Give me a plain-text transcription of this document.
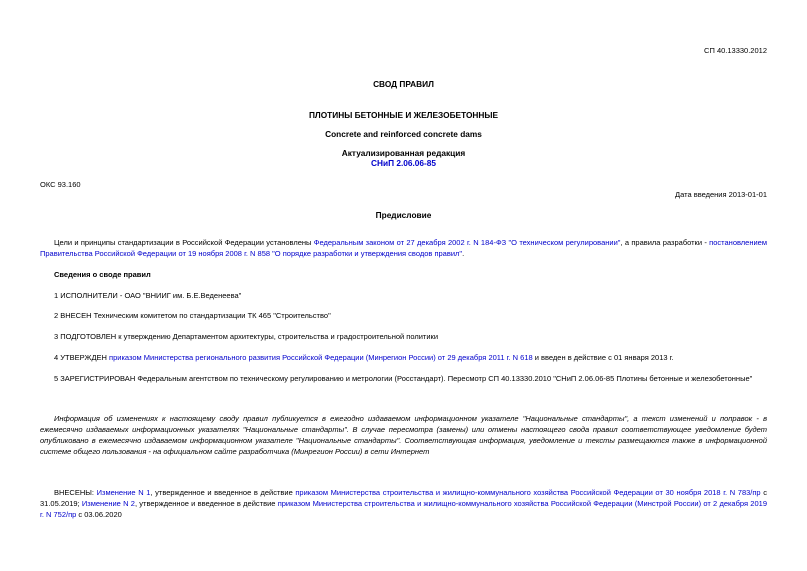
СП 40.13330.2012
СВОД ПРАВИЛ
ПЛОТИНЫ БЕТОННЫЕ И ЖЕЛЕЗОБЕТОННЫЕ
Concrete and reinforced concrete dams
Актуализированная редакция
СНиП 2.06.06-85
ОКС 93.160
Дата введения 2013-01-01
Предисловие
Цели и принципы стандартизации в Российской Федерации установлены Федеральным законом от 27 декабря 2002 г. N 184-ФЗ "О техническом регулировании", а правила разработки - постановлением Правительства Российской Федерации от 19 ноября 2008 г. N 858 "О порядке разработки и утверждения сводов правил".
Сведения о своде правил
1 ИСПОЛНИТЕЛИ - ОАО "ВНИИГ им. Б.Е.Веденеева"
2 ВНЕСЕН Техническим комитетом по стандартизации ТК 465 "Строительство"
3 ПОДГОТОВЛЕН к утверждению Департаментом архитектуры, строительства и градостроительной политики
4 УТВЕРЖДЕН приказом Министерства регионального развития Российской Федерации (Минрегион России) от 29 декабря 2011 г. N 618 и введен в действие с 01 января 2013 г.
5 ЗАРЕГИСТРИРОВАН Федеральным агентством по техническому регулированию и метрологии (Росстандарт). Пересмотр СП 40.13330.2010 "СНиП 2.06.06-85 Плотины бетонные и железобетонные"
Информация об изменениях к настоящему своду правил публикуется в ежегодно издаваемом информационном указателе "Национальные стандарты", а текст изменений и поправок - в ежемесячно издаваемых информационных указателях "Национальные стандарты". В случае пересмотра (замены) или отмены настоящего свода правил соответствующее уведомление будет опубликовано в ежемесячно издаваемом информационном указателе "Национальные стандарты". Соответствующая информация, уведомление и тексты размещаются также в информационной системе общего пользования - на официальном сайте разработчика (Минрегион России) в сети Интернет
ВНЕСЕНЫ: Изменение N 1, утвержденное и введенное в действие приказом Министерства строительства и жилищно-коммунального хозяйства Российской Федерации от 30 ноября 2018 г. N 783/пр с 31.05.2019; Изменение N 2, утвержденное и введенное в действие приказом Министерства строительства и жилищно-коммунального хозяйства Российской Федерации (Минстрой России) от 2 декабря 2019 г. N 752/пр с 03.06.2020
